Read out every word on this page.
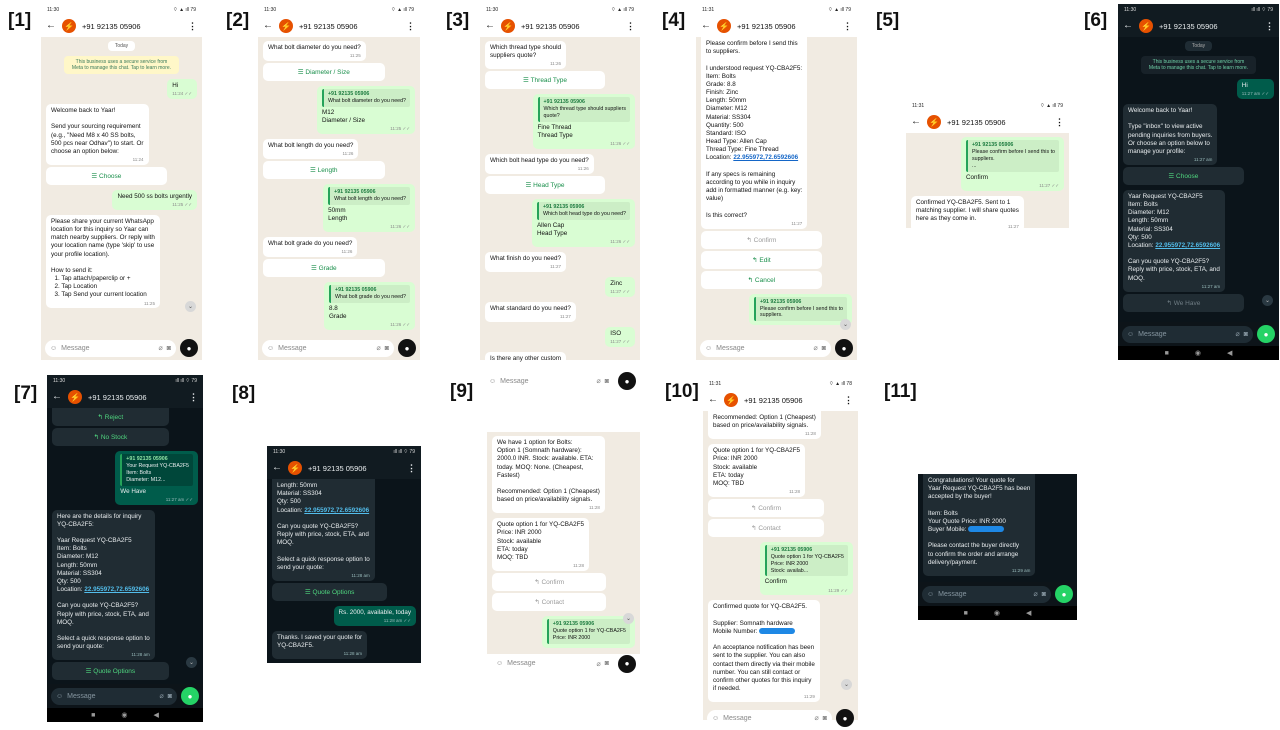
[1]	[2]	[3]	[4]	[5]	[6]
[7]	[8]	[9]	[10]	[11]
11:30	⌔ ▲ ıll 79
← ⚡ +91 92135 05906	⋮
Today
This business uses a secure service from
Meta to manage this chat. Tap to learn more.
Hi
11:24 ✓✓
Welcome back to Yaar!

Send your sourcing requirement
(e.g., "Need M8 x 40 SS bolts,
500 pcs near Odhav") to start. Or
choose an option below:
11:24
☰ Choose
Need 500 ss bolts urgently
11:25 ✓✓
Please share your current WhatsApp
location for this inquiry so Yaar can
match nearby suppliers. Or reply with
your location name (type 'skip' to use
your profile location).

How to send it:
1. Tap attach/paperclip or +
2. Tap Location
3. Tap Send your current location
11:25
⌄
☺ Message	⌀ ◙	●
11:30	⌔ ▲ ıll 79
← ⚡ +91 92135 05906	⋮
What bolt diameter do you need?
11:25
☰ Diameter / Size
+91 92135 05906
What bolt diameter do you need?
M12
Diameter / Size
11:25 ✓✓
What bolt length do you need?
11:26
☰ Length
+91 92135 05906
What bolt length do you need?
50mm
Length
11:26 ✓✓
What bolt grade do you need?
11:26
☰ Grade
+91 92135 05906
What bolt grade do you need?
8.8
Grade
11:26 ✓✓
☺ Message	⌀ ◙	●
11:30	⌔ ▲ ıll 79
← ⚡ +91 92135 05906	⋮
Which thread type should
suppliers quote?
11:26
☰ Thread Type
+91 92135 05906
Which thread type should suppliers
quote?
Fine Thread
Thread Type
11:26 ✓✓
Which bolt head type do you need?
11:26
☰ Head Type
+91 92135 05906
Which bolt head type do you need?
Allen Cap
Head Type
11:26 ✓✓
What finish do you need?
11:27
Zinc
11:27 ✓✓
What standard do you need?
11:27
ISO
11:27 ✓✓
Is there any other custom
☺ Message	⌀ ◙	●
11:31	⌔ ▲ ıll 79
← ⚡ +91 92135 05906	⋮
Please confirm before I send this
to suppliers.

I understood request YQ-CBA2F5:
Item: Bolts
Grade: 8.8
Finish: Zinc
Length: 50mm
Diameter: M12
Material: SS304
Quantity: 500
Standard: ISO
Head Type: Allen Cap
Thread Type: Fine Thread
Location: 22.955972,72.6592606

If any specs is remaining
according to you while in inquiry
add in formatted manner (e.g. key:
value)

Is this correct?
11:27
↰ Confirm
↰ Edit
↰ Cancel
+91 92135 05906
Please confirm before I send this to
suppliers.
⌄
☺ Message	⌀ ◙	●
11:31	⌔ ▲ ıll 79
← ⚡ +91 92135 05906	⋮
+91 92135 05906
Please confirm before I send this to
suppliers.
...
Confirm
11:27 ✓✓
Confirmed YQ-CBA2F5. Sent to 1
matching supplier. I will share quotes
here as they come in.
11:27
11:30	ıll ıll ⌔ 79
← ⚡ +91 92135 05906	⋮
Today
This business uses a secure service from
Meta to manage this chat. Tap to learn more.
Hi
11:27 am ✓✓
Welcome back to Yaar!

Type "inbox" to view active
pending inquiries from buyers.
Or choose an option below to
manage your profile:
11:27 am
☰ Choose
Yaar Request YQ-CBA2F5
Item: Bolts
Diameter: M12
Length: 50mm
Material: SS304
Qty: 500
Location: 22.955972,72.6592606

Can you quote YQ-CBA2F5?
Reply with price, stock, ETA, and
MOQ.
11:27 am
↰ We Have	⌄
☺ Message	⌀ ◙	●
■	◉	◀
11:30	ıll ıll ⌔ 79
← ⚡ +91 92135 05906	⋮
↰ Reject
↰ No Stock
+91 92135 05906
Your Request YQ-CBA2F5
Item: Bolts
Diameter: M12...
We Have
11:27 am ✓✓
Here are the details for inquiry
YQ-CBA2F5:

Yaar Request YQ-CBA2F5
Item: Bolts
Diameter: M12
Length: 50mm
Material: SS304
Qty: 500
Location: 22.955972,72.6592606

Can you quote YQ-CBA2F5?
Reply with price, stock, ETA, and
MOQ.

Select a quick response option to
send your quote:
11:28 am
☰ Quote Options
⌄
☺ Message	⌀ ◙	●
■	◉	◀
11:30	ıll ıll ⌔ 79
← ⚡ +91 92135 05906	⋮
Length: 50mm
Material: SS304
Qty: 500
Location: 22.955972,72.6592606

Can you quote YQ-CBA2F5?
Reply with price, stock, ETA, and
MOQ.

Select a quick response option to
send your quote:
11:28 am
☰ Quote Options
Rs. 2000, available, today
11:28 am ✓✓
Thanks. I saved your quote for
YQ-CBA2F5.
11:28 am
We have 1 option for Bolts:
Option 1 (Somnath hardware):
2000.0 INR. Stock: available. ETA:
today. MOQ: None. (Cheapest,
Fastest)

Recommended: Option 1 (Cheapest)
based on price/availability signals.
11:28
Quote option 1 for YQ-CBA2F5
Price: INR 2000
Stock: available
ETA: today
MOQ: TBD
11:28
↰ Confirm
↰ Contact
+91 92135 05906
Quote option 1 for YQ-CBA2F5
Price: INR 2000
⌄
☺ Message	⌀ ◙	●
11:31	⌔ ▲ ıll 78
← ⚡ +91 92135 05906	⋮
Recommended: Option 1 (Cheapest)
based on price/availability signals.
11:28
Quote option 1 for YQ-CBA2F5
Price: INR 2000
Stock: available
ETA: today
MOQ: TBD
11:28
↰ Confirm
↰ Contact
+91 92135 05906
Quote option 1 for YQ-CBA2F5
Price: INR 2000
Stock: availab...
Confirm
11:29 ✓✓
Confirmed quote for YQ-CBA2F5.

Supplier: Somnath hardware
Mobile Number:

An acceptance notification has been
sent to the supplier. You can also
contact them directly via their mobile
number. You can still contact or
confirm other quotes for this inquiry
if needed.
11:29
⌄
☺ Message	⌀ ◙	●
Congratulations! Your quote for
Yaar Request YQ-CBA2F5 has been
accepted by the buyer!

Item: Bolts
Your Quote Price: INR 2000
Buyer Mobile:

Please contact the buyer directly
to confirm the order and arrange
delivery/payment.
11:29 am
☺ Message	⌀ ◙	●
■	◉	◀
